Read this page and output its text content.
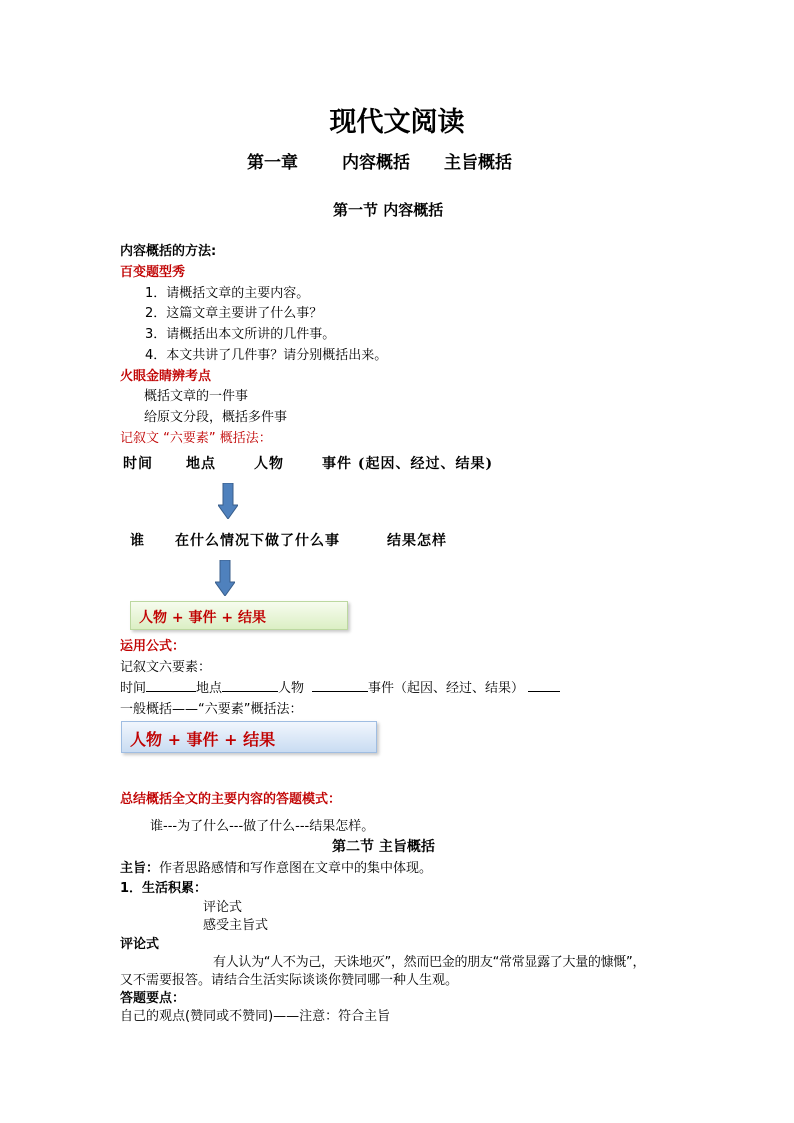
现代文阅读
第一章	内容概括 主旨概括
第一节 内容概括
内容概括的方法:
百变题型秀
1．请概括文章的主要内容。
2．这篇文章主要讲了什么事？
3．请概括出本文所讲的几件事。
4．本文共讲了几件事？请分别概括出来。
火眼金睛辨考点
概括文章的一件事
给原文分段，概括多件事
记叙文 “六要素” 概括法：
时间 地点	人物	事件 (起因、经过、结果)
谁 在什么情况下做了什么事	结果怎样
人物 + 事件 + 结果
运用公式：
记叙文六要素：
时间	地点	人物	事件（起因、经过、结果）
一般概括——“六要素”概括法：
人物 + 事件 + 结果
总结概括全文的主要内容的答题模式：
谁---为了什么---做了什么---结果怎样。
第二节 主旨概括
主旨：作者思路感情和写作意图在文章中的集中体现。
1．生活积累：
评论式
感受主旨式
评论式
有人认为“人不为己，天诛地灭”，然而巴金的朋友“常常显露了大量的慷慨”，
又不需要报答。请结合生活实际谈谈你赞同哪一种人生观。
答题要点：
自己的观点(赞同或不赞同)——注意：符合主旨
